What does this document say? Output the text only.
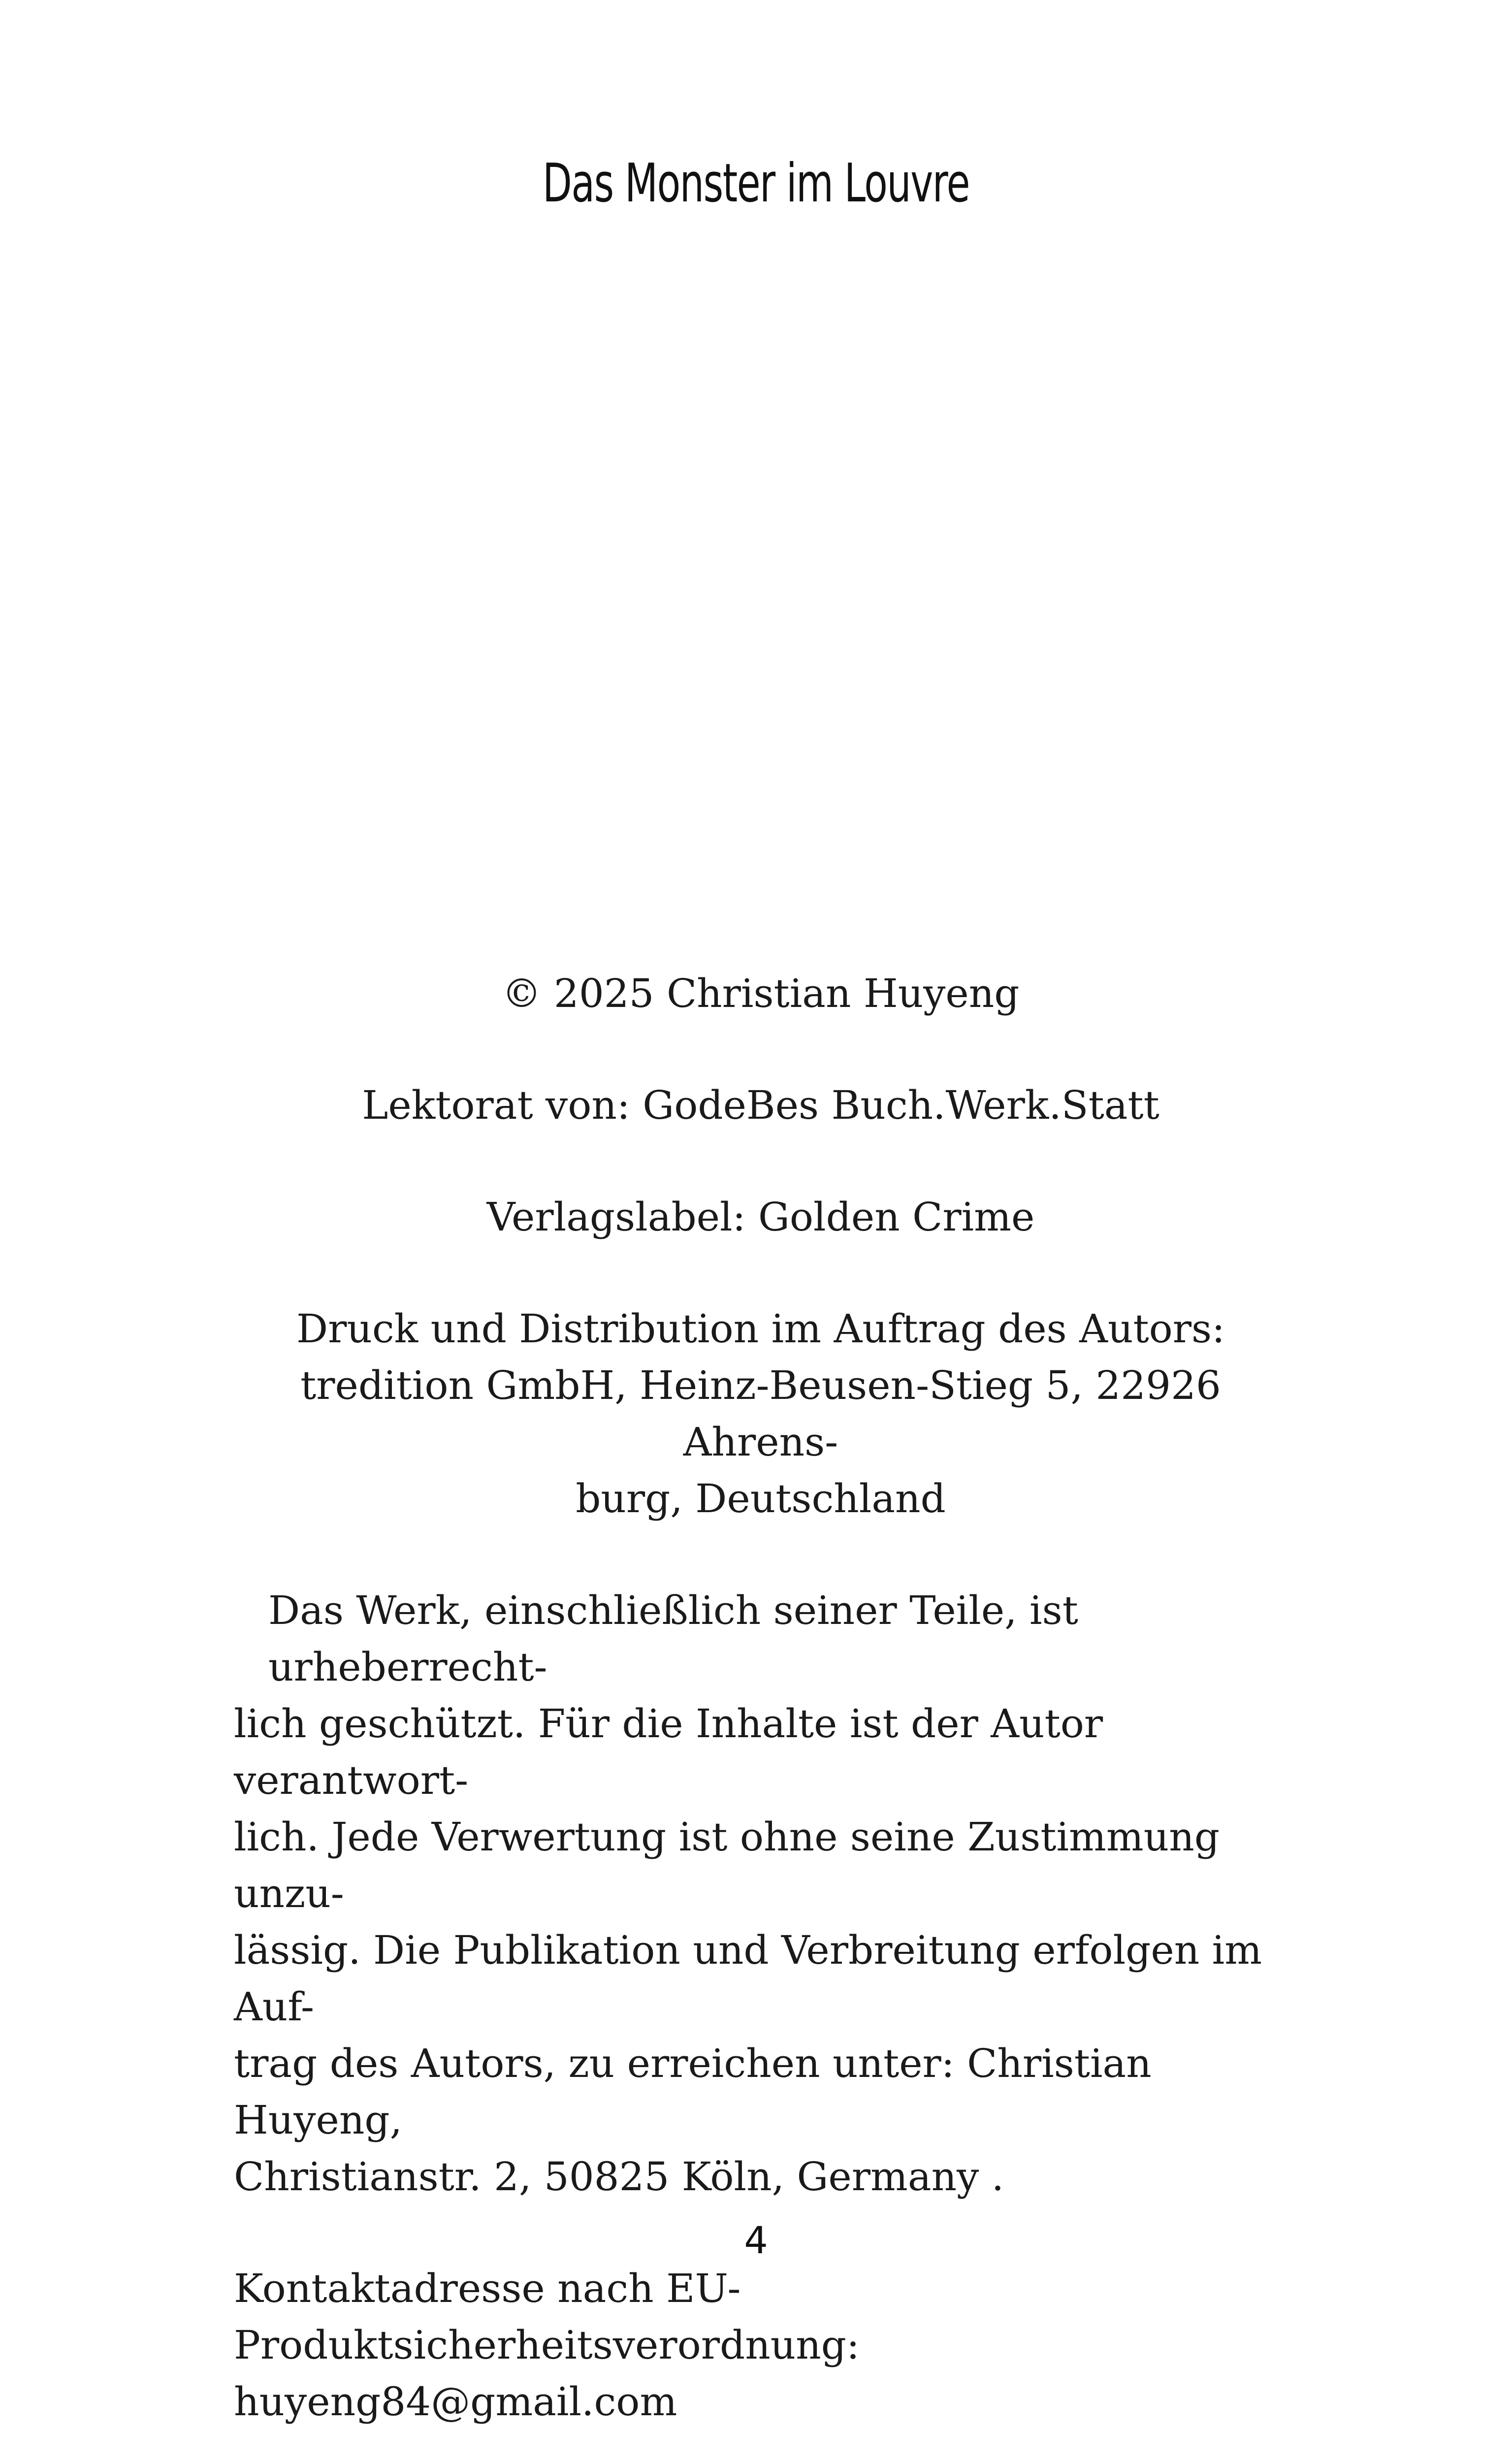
Das Monster im Louvre

© 2025 Christian Huyeng

Lektorat von: GodeBes Buch.Werk.Statt

Verlagslabel: Golden Crime

Druck und Distribution im Auftrag des Autors:
tredition GmbH, Heinz-Beusen-Stieg 5, 22926 Ahrens-
burg, Deutschland

Das Werk, einschließlich seiner Teile, ist urheberrecht-
lich geschützt. Für die Inhalte ist der Autor verantwort-
lich. Jede Verwertung ist ohne seine Zustimmung unzu-
lässig. Die Publikation und Verbreitung erfolgen im Auf-
trag des Autors, zu erreichen unter: Christian Huyeng,
Christianstr. 2, 50825 Köln, Germany .

Kontaktadresse nach EU-Produktsicherheitsverordnung:
huyeng84@gmail.com

4
